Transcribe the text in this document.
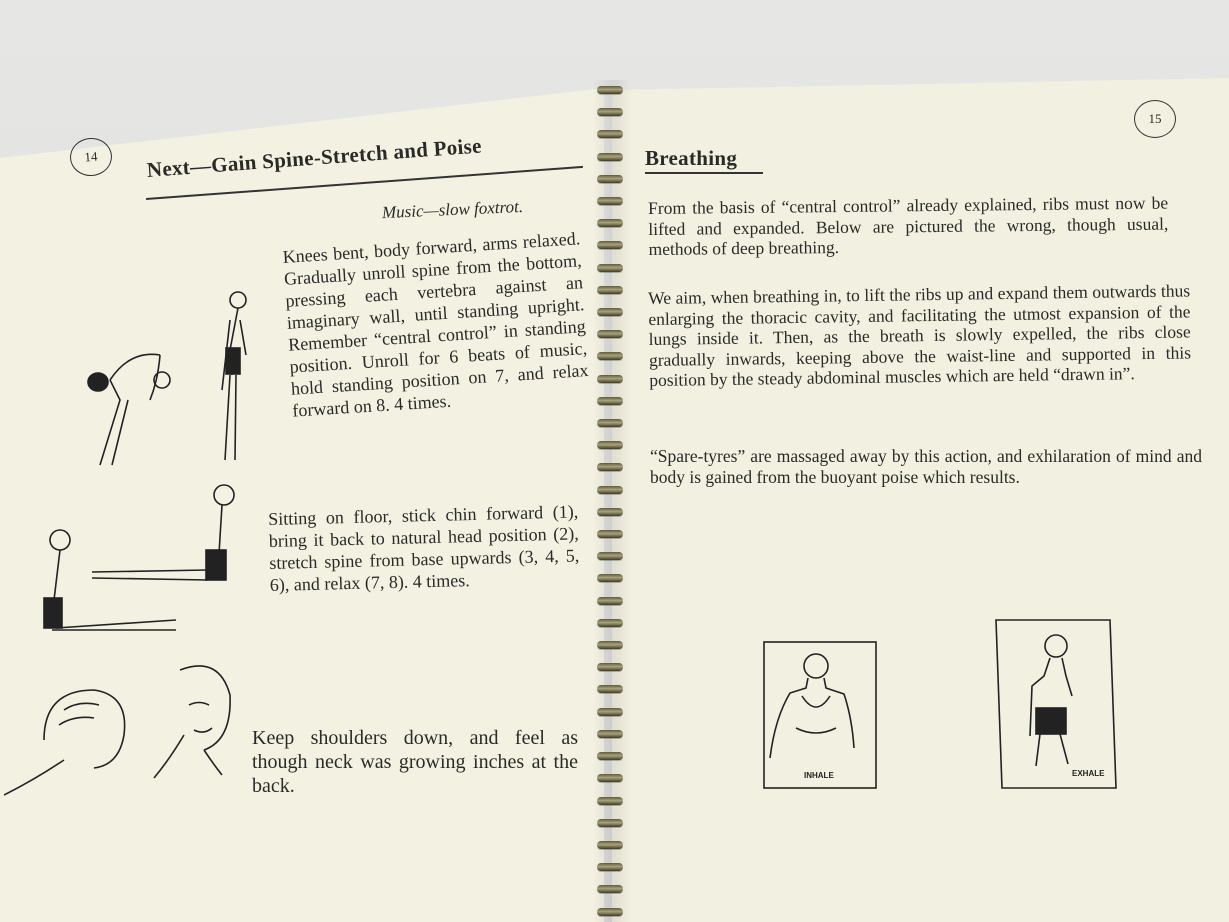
14	Next—Gain Spine-Stretch and Poise
Music—slow foxtrot.

Knees bent, body forward, arms relaxed. Gradually unroll spine from the bottom, pressing each vertebra against an imaginary wall, until standing upright. Remember “central control” in standing position. Unroll for 6 beats of music, hold standing position on 7, and relax forward on 8. 4 times.

Sitting on floor, stick chin forward (1), bring it back to natural head position (2), stretch spine from base upwards (3, 4, 5, 6), and relax (7, 8). 4 times.

Keep shoulders down, and feel as though neck was growing inches at the back.

15
Breathing

From the basis of “central control” already explained, ribs must now be lifted and expanded. Below are pictured the wrong, though usual, methods of deep breathing.

We aim, when breathing in, to lift the ribs up and expand them outwards thus enlarging the thoracic cavity, and facilitating the utmost expansion of the lungs inside it. Then, as the breath is slowly expelled, the ribs close gradually inwards, keeping above the waist-line and supported in this position by the steady abdominal muscles which are held “drawn in”.

“Spare-tyres” are massaged away by this action, and exhilaration of mind and body is gained from the buoyant poise which results.

INHALE	EXHALE
